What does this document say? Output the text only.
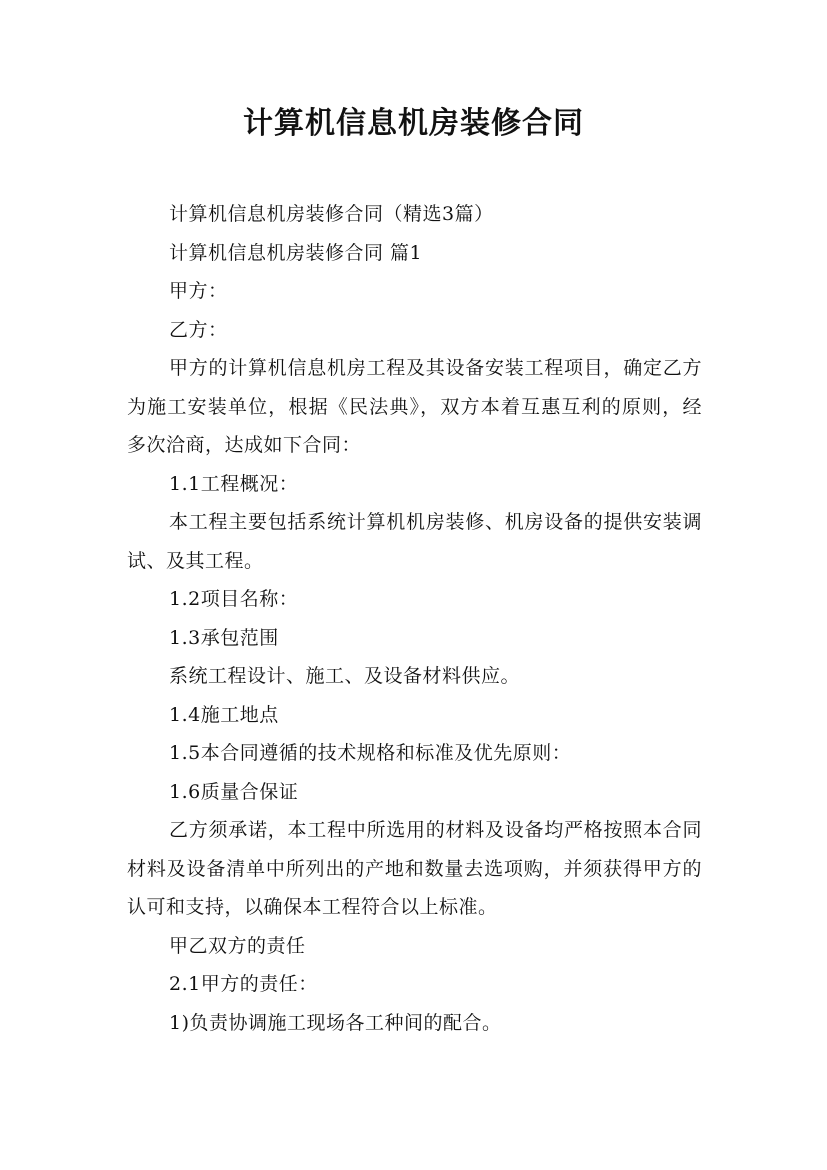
计算机信息机房装修合同

计算机信息机房装修合同（精选3篇）

计算机信息机房装修合同 篇1

甲方：

乙方：

甲方的计算机信息机房工程及其设备安装工程项目，确定乙方为施工安装单位，根据《民法典》，双方本着互惠互利的原则，经多次洽商，达成如下合同：

1.1工程概况：

本工程主要包括系统计算机机房装修、机房设备的提供安装调试、及其工程。

1.2项目名称：

1.3承包范围

系统工程设计、施工、及设备材料供应。

1.4施工地点

1.5本合同遵循的技术规格和标准及优先原则：

1.6质量合保证

乙方须承诺，本工程中所选用的材料及设备均严格按照本合同材料及设备清单中所列出的产地和数量去选项购，并须获得甲方的认可和支持，以确保本工程符合以上标准。

甲乙双方的责任

2.1甲方的责任：

1)负责协调施工现场各工种间的配合。
